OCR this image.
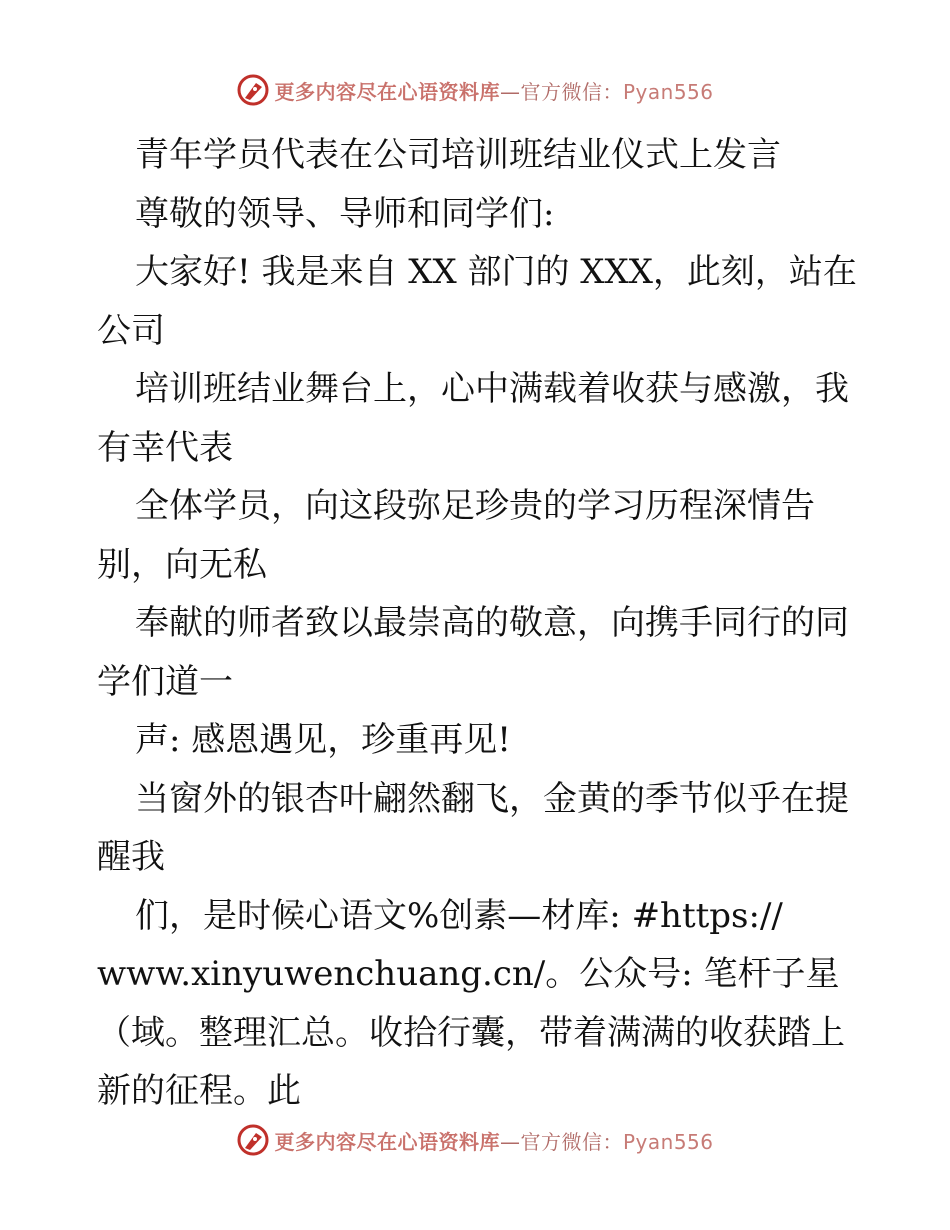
更多内容尽在心语资料库—官方微信：Pyan556
青年学员代表在公司培训班结业仪式上发言
尊敬的领导、导师和同学们:
大家好! 我是来自 XX 部门的 XXX，此刻，站在
公司
培训班结业舞台上，心中满载着收获与感激，我
有幸代表
全体学员，向这段弥足珍贵的学习历程深情告
别，向无私
奉献的师者致以最崇高的敬意，向携手同行的同
学们道一
声: 感恩遇见，珍重再见!
当窗外的银杏叶翩然翻飞，金黄的季节似乎在提
醒我
们，是时候心语文%创素—材库: #https://
www.xinyuwenchuang.cn/。公众号: 笔杆子星
（域。整理汇总。收拾行囊，带着满满的收获踏上
新的征程。此
更多内容尽在心语资料库—官方微信：Pyan556
